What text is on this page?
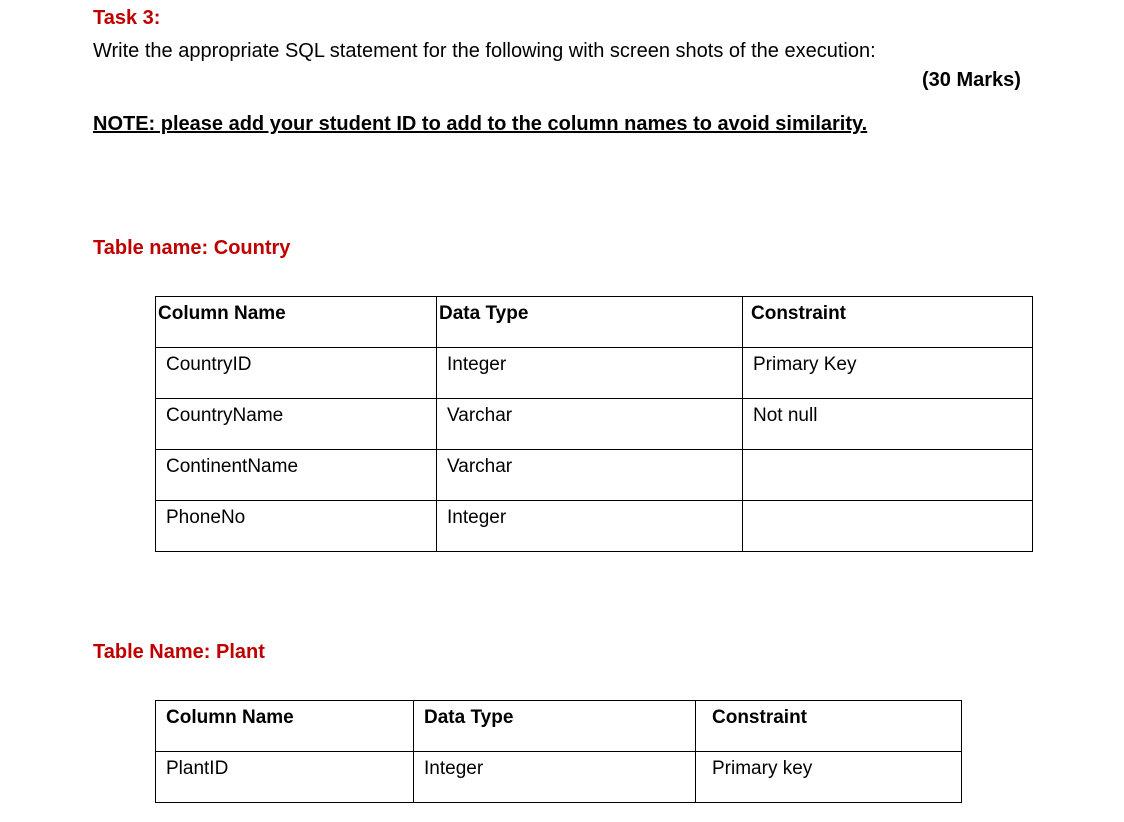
Task 3:
Write the appropriate SQL statement for the following with screen shots of the execution:
(30 Marks)
NOTE: please add your student ID to add to the column names to avoid similarity.
Table name: Country
Column Name	Data Type	Constraint
CountryID	Integer	Primary Key
CountryName	Varchar	Not null
ContinentName	Varchar	
PhoneNo	Integer	
Table Name: Plant
Column Name	Data Type	Constraint
PlantID	Integer	Primary key
